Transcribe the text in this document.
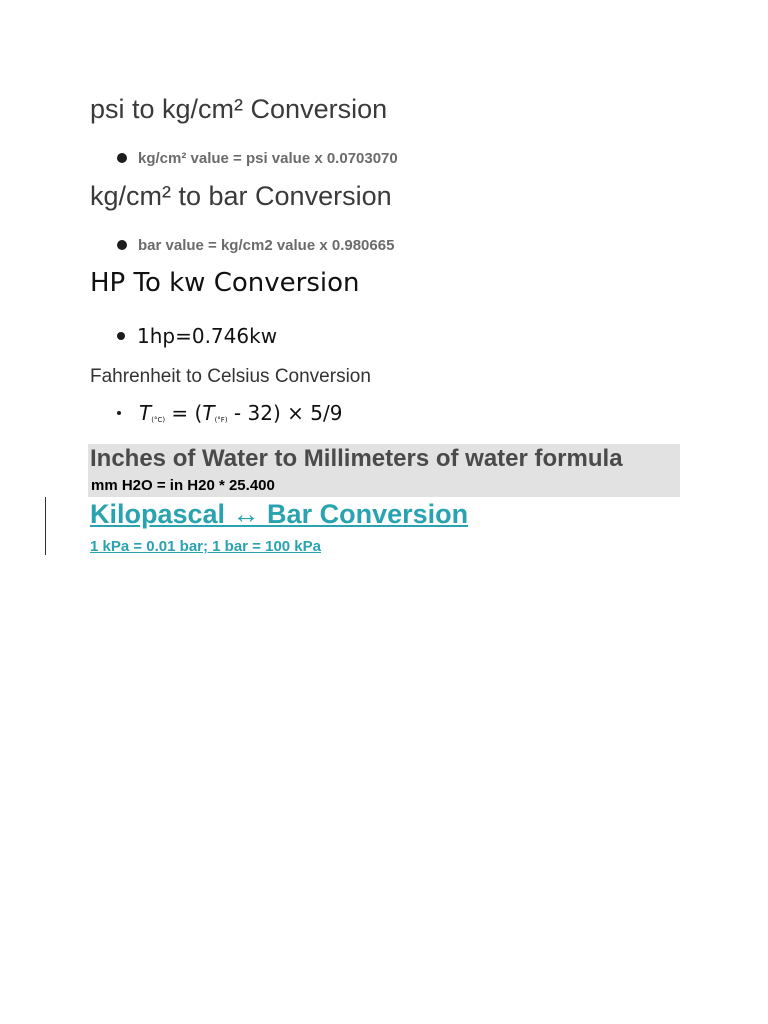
psi to kg/cm² Conversion
kg/cm² value = psi value x 0.0703070
kg/cm² to bar Conversion
bar value = kg/cm2 value x 0.980665
HP To kw Conversion
1hp=0.746kw
Fahrenheit to Celsius Conversion
$T_{(^\circ C)} = (T_{(^\circ F)} - 32) \times 5/9$
Inches of Water to Millimeters of water formula
mm H2O = in H20 * 25.400
Kilopascal ↔ Bar Conversion
1 kPa = 0.01 bar; 1 bar = 100 kPa
